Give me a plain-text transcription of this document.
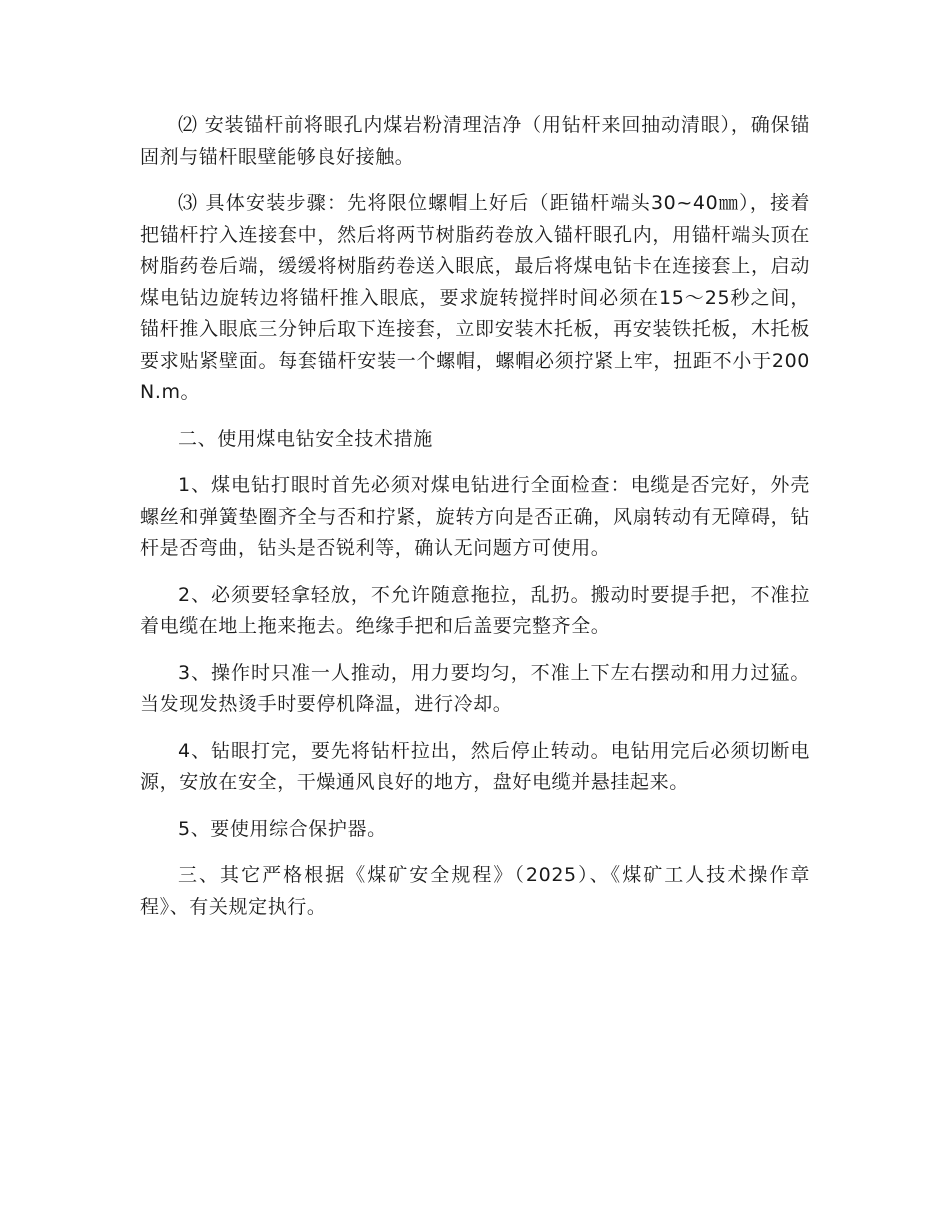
⑵ 安装锚杆前将眼孔内煤岩粉清理洁净（用钻杆来回抽动清眼），确保锚固剂与锚杆眼壁能够良好接触。

⑶ 具体安装步骤：先将限位螺帽上好后（距锚杆端头30~40㎜），接着把锚杆拧入连接套中，然后将两节树脂药卷放入锚杆眼孔内，用锚杆端头顶在树脂药卷后端，缓缓将树脂药卷送入眼底，最后将煤电钻卡在连接套上，启动煤电钻边旋转边将锚杆推入眼底，要求旋转搅拌时间必须在15～25秒之间，锚杆推入眼底三分钟后取下连接套，立即安装木托板，再安装铁托板，木托板要求贴紧壁面。每套锚杆安装一个螺帽，螺帽必须拧紧上牢，扭距不小于200N.m。

二、使用煤电钻安全技术措施

1、煤电钻打眼时首先必须对煤电钻进行全面检查：电缆是否完好，外壳螺丝和弹簧垫圈齐全与否和拧紧，旋转方向是否正确，风扇转动有无障碍，钻杆是否弯曲，钻头是否锐利等，确认无问题方可使用。

2、必须要轻拿轻放，不允许随意拖拉，乱扔。搬动时要提手把，不准拉着电缆在地上拖来拖去。绝缘手把和后盖要完整齐全。

3、操作时只准一人推动，用力要均匀，不准上下左右摆动和用力过猛。当发现发热烫手时要停机降温，进行冷却。

4、钻眼打完，要先将钻杆拉出，然后停止转动。电钻用完后必须切断电源，安放在安全，干燥通风良好的地方，盘好电缆并悬挂起来。

5、要使用综合保护器。

三、其它严格根据《煤矿安全规程》（2025）、《煤矿工人技术操作章程》、有关规定执行。
